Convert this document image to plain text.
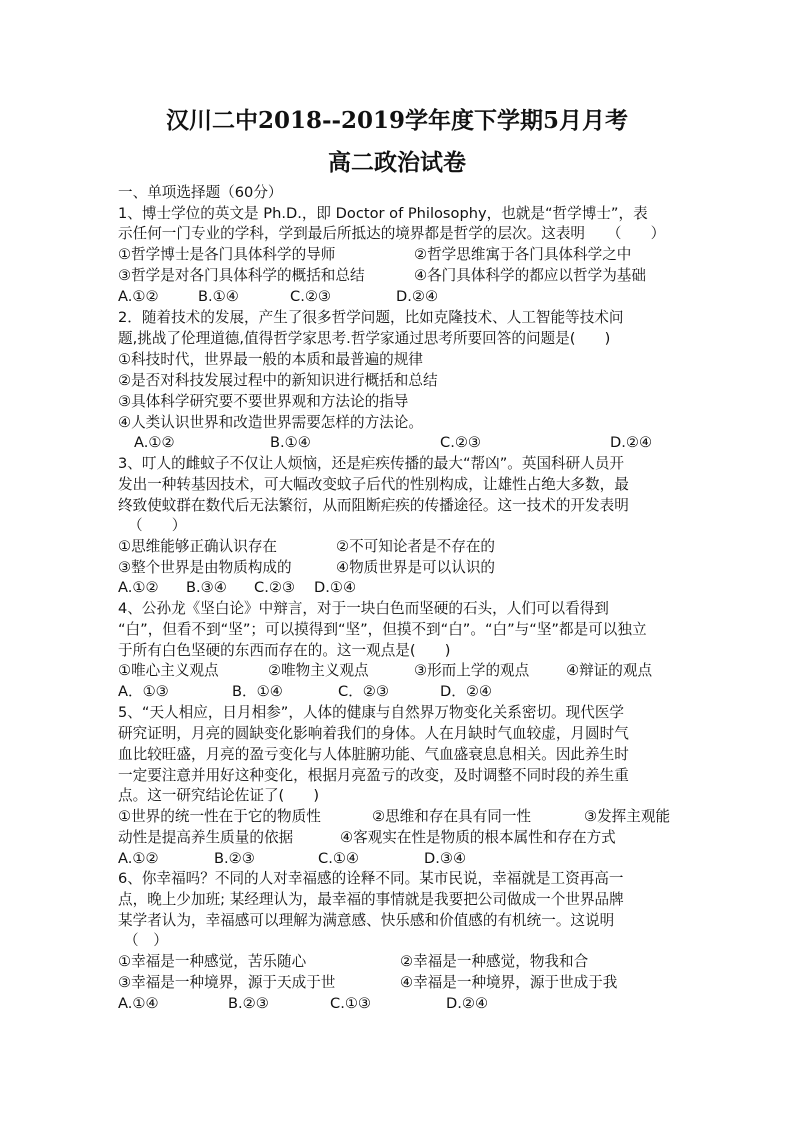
汉川二中2018--2019学年度下学期5月月考
高二政治试卷
一、单项选择题（60分）
1、博士学位的英文是 Ph.D.，即 Doctor of Philosophy，也就是“哲学博士”，表
示任何一门专业的学科，学到最后所抵达的境界都是哲学的层次。这表明　　（　　）
①哲学博士是各门具体科学的导师	②哲学思维寓于各门具体科学之中
③哲学是对各门具体科学的概括和总结	④各门具体科学的都应以哲学为基础
A.①②	B.①④	C.②③	D.②④
2．随着技术的发展，产生了很多哲学问题，比如克隆技术、人工智能等技术问
题,挑战了伦理道德,值得哲学家思考.哲学家通过思考所要回答的问题是(　　)
①科技时代，世界最一般的本质和最普遍的规律
②是否对科技发展过程中的新知识进行概括和总结
③具体科学研究要不要世界观和方法论的指导
④人类认识世界和改造世界需要怎样的方法论。
A.①②	B.①④	C.②③	D.②④
3、叮人的雌蚊子不仅让人烦恼，还是疟疾传播的最大“帮凶”。英国科研人员开
发出一种转基因技术，可大幅改变蚊子后代的性别构成，让雄性占绝大多数，最
终致使蚊群在数代后无法繁衍，从而阻断疟疾的传播途径。这一技术的开发表明
（　　）
①思维能够正确认识存在	②不可知论者是不存在的
③整个世界是由物质构成的	④物质世界是可以认识的
A.①② B.③④ C.②③ D.①④
4、公孙龙《坚白论》中辩言，对于一块白色而坚硬的石头，人们可以看得到
“白”，但看不到“坚”；可以摸得到“坚”，但摸不到“白”。“白”与“坚”都是可以独立
于所有白色坚硬的东西而存在的。这一观点是(　　)
①唯心主义观点	②唯物主义观点	③形而上学的观点	④辩证的观点
A．①③	B．①④	C．②③	D．②④
5、“天人相应，日月相参”，人体的健康与自然界万物变化关系密切。现代医学
研究证明，月亮的圆缺变化影响着我们的身体。人在月缺时气血较虚，月圆时气
血比较旺盛，月亮的盈亏变化与人体脏腑功能、气血盛衰息息相关。因此养生时
一定要注意并用好这种变化，根据月亮盈亏的改变，及时调整不同时段的养生重
点。这一研究结论佐证了(　　)
①世界的统一性在于它的物质性	②思维和存在具有同一性	③发挥主观能
动性是提高养生质量的依据	④客观实在性是物质的根本属性和存在方式
A.①②	B.②③	C.①④	D.③④
6、你幸福吗？不同的人对幸福感的诠释不同。某市民说，幸福就是工资再高一
点，晚上少加班; 某经理认为，最幸福的事情就是我要把公司做成一个世界品牌
某学者认为，幸福感可以理解为满意感、快乐感和价值感的有机统一。这说明
（　）
①幸福是一种感觉，苦乐随心	②幸福是一种感觉，物我和合
③幸福是一种境界，源于天成于世	④幸福是一种境界，源于世成于我
A.①④	B.②③	C.①③	D.②④
